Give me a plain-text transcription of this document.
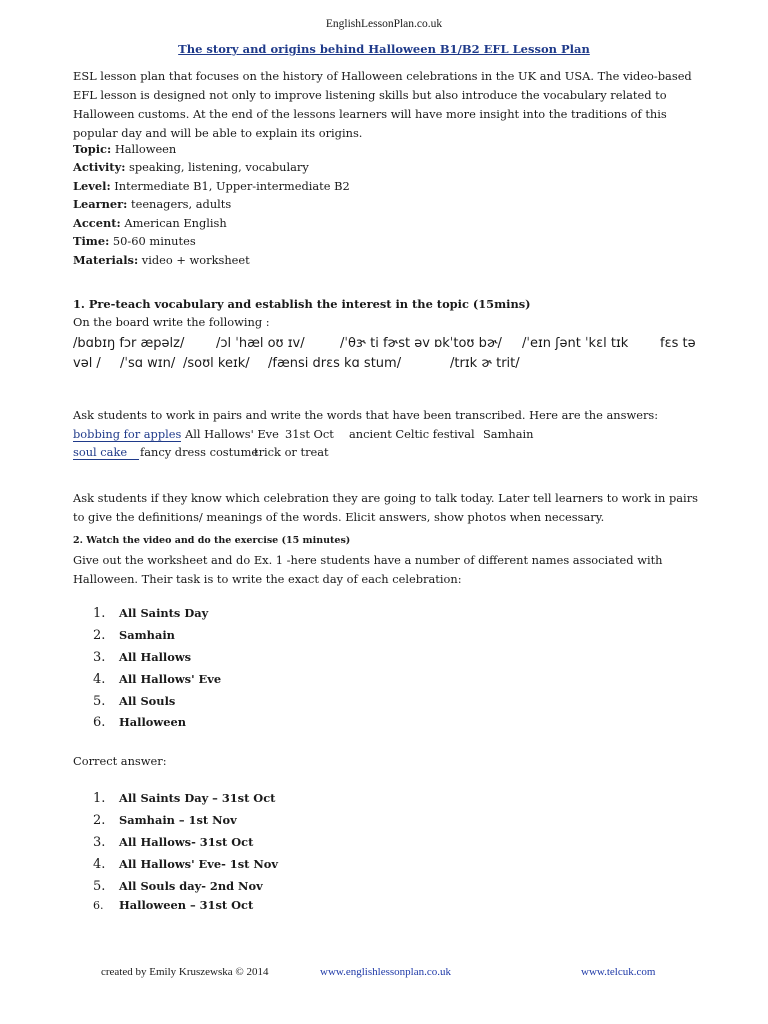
EnglishLessonPlan.co.uk
The story and origins behind Halloween B1/B2 EFL Lesson Plan
ESL lesson plan that focuses on the history of Halloween celebrations in the UK and USA. The video-based EFL lesson is designed not only to improve listening skills but also introduce the vocabulary related to Halloween customs. At the end of the lessons learners will have more insight into the traditions of this popular day and will be able to explain its origins.
Topic: Halloween
Activity: speaking, listening, vocabulary
Level: Intermediate B1, Upper-intermediate B2
Learner: teenagers, adults
Accent: American English
Time: 50-60 minutes
Materials: video + worksheet
1. Pre-teach vocabulary and establish the interest in the topic (15mins)
On the board write the following :
/bɑbɪŋ fɔr æpəlz/ /ɔl ˈhæl oʊ ɪv/	/ˈθɝ ti fɚst əv ɒkˈtoʊ bɚ/ /ˈeɪn ʃənt ˈkɛl tɪk fɛs tə
vəl / /ˈsɑ wɪn/ /soʊl keɪk/ /fænsi drɛs kɑ stum/	/trɪk ɚ trit/
Ask students to work in pairs and write the words that have been transcribed. Here are the answers:
bobbing for apples All Hallows' Eve 31st Oct ancient Celtic festival Samhain
soul cake	fancy dress costume
trick or treat
Ask students if they know which celebration they are going to talk today. Later tell learners to work in pairs to give the definitions/ meanings of the words. Elicit answers, show photos when necessary.
2. Watch the video and do the exercise (15 minutes)
Give out the worksheet and do Ex. 1 -here students have a number of different names associated with Halloween. Their task is to write the exact day of each celebration:
1. All Saints Day
2. Samhain
3. All Hallows
4. All Hallows' Eve
5. All Souls
6. Halloween
Correct answer:
1. All Saints Day – 31st Oct
2. Samhain – 1st Nov
3. All Hallows- 31st Oct
4. All Hallows' Eve- 1st Nov
5. All Souls day- 2nd Nov
6. Halloween – 31st Oct
created by Emily Kruszewska © 2014	www.englishlessonplan.co.uk	www.telcuk.com
